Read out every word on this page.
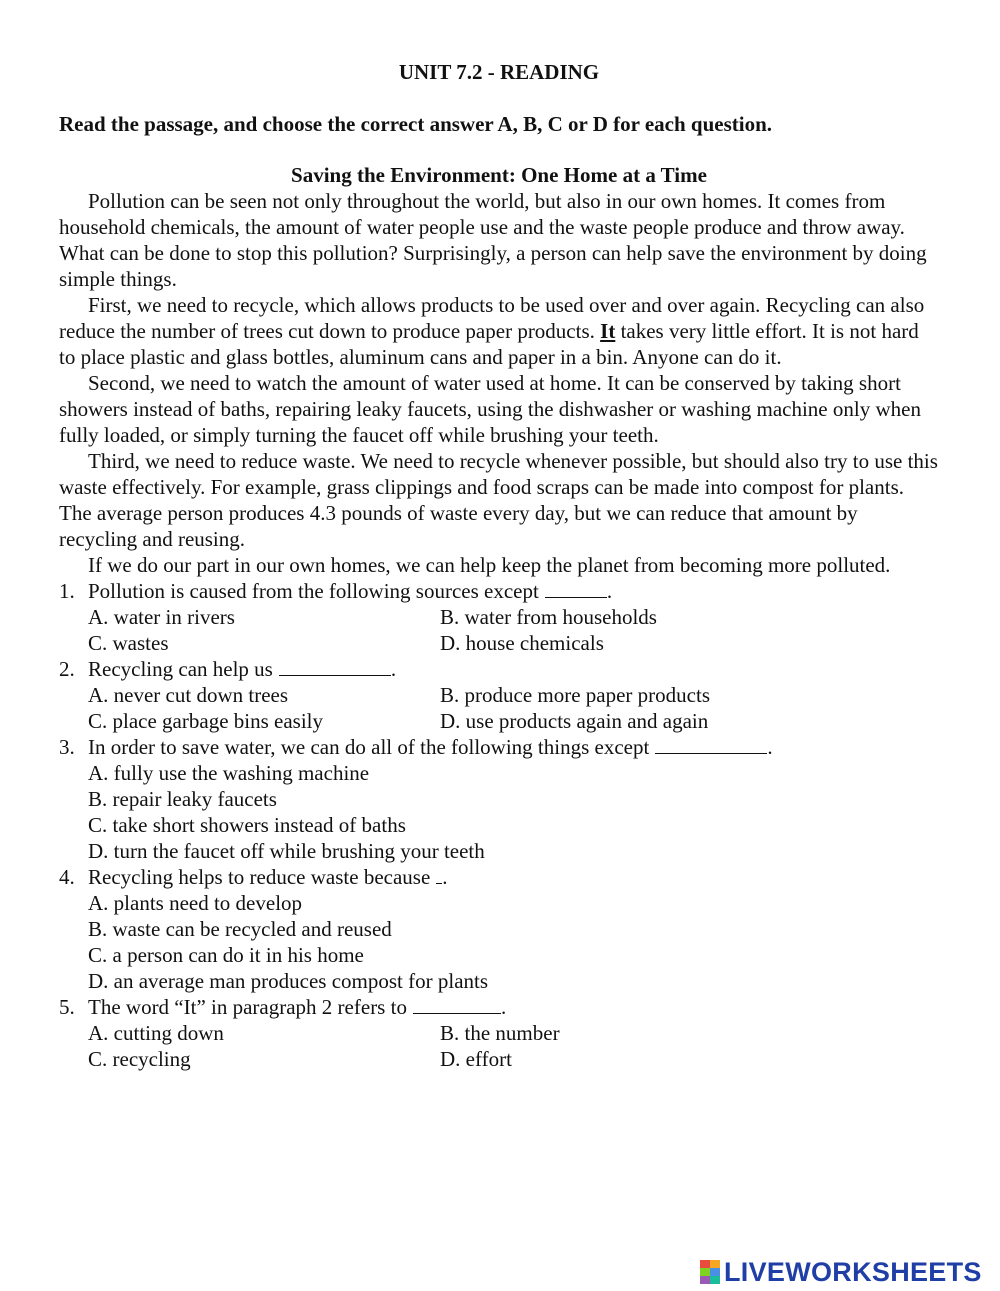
UNIT 7.2 - READING
Read the passage, and choose the correct answer A, B, C or D for each question.
Saving the Environment: One Home at a Time

Pollution can be seen not only throughout the world, but also in our own homes. It comes from household chemicals, the amount of water people use and the waste people produce and throw away. What can be done to stop this pollution? Surprisingly, a person can help save the environment by doing simple things.

First, we need to recycle, which allows products to be used over and over again. Recycling can also reduce the number of trees cut down to produce paper products. It takes very little effort. It is not hard to place plastic and glass bottles, aluminum cans and paper in a bin. Anyone can do it.

Second, we need to watch the amount of water used at home. It can be conserved by taking short showers instead of baths, repairing leaky faucets, using the dishwasher or washing machine only when fully loaded, or simply turning the faucet off while brushing your teeth.

Third, we need to reduce waste. We need to recycle whenever possible, but should also try to use this waste effectively. For example, grass clippings and food scraps can be made into compost for plants. The average person produces 4.3 pounds of waste every day, but we can reduce that amount by recycling and reusing.

If we do our part in our own homes, we can help keep the planet from becoming more polluted.

1. Pollution is caused from the following sources except	.
A. water in rivers	B. water from households
C. wastes	D. house chemicals
2. Recycling can help us	.
A. never cut down trees	B. produce more paper products
C. place garbage bins easily	D. use products again and again
3. In order to save water, we can do all of the following things except	.
A. fully use the washing machine
B. repair leaky faucets
C. take short showers instead of baths
D. turn the faucet off while brushing your teeth
4. Recycling helps to reduce waste because .
A. plants need to develop
B. waste can be recycled and reused
C. a person can do it in his home
D. an average man produces compost for plants
5. The word “It” in paragraph 2 refers to	.
A. cutting down	B. the number
C. recycling	D. effort
LIVEWORKSHEETS
